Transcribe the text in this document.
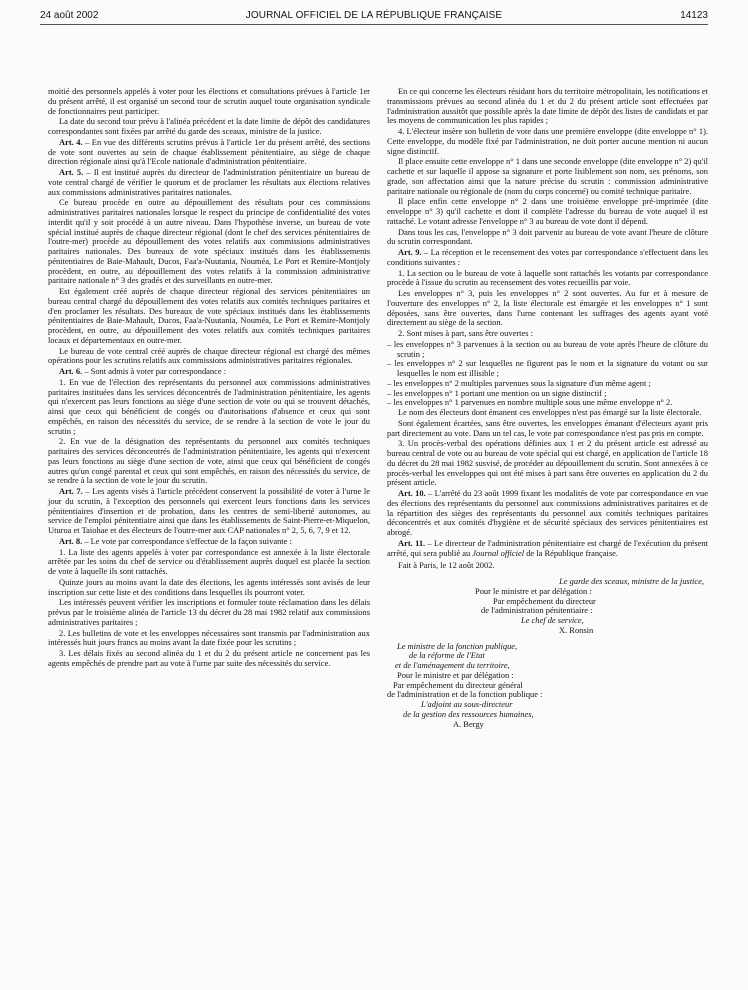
24 août 2002	JOURNAL OFFICIEL DE LA RÉPUBLIQUE FRANÇAISE	14123

moitié des personnels appelés à voter pour les élections et consultations prévues à l'article 1er du présent arrêté, il est organisé un second tour de scrutin auquel toute organisation syndicale de fonctionnaires peut participer.

La date du second tour prévu à l'alinéa précédent et la date limite de dépôt des candidatures correspondantes sont fixées par arrêté du garde des sceaux, ministre de la justice.

Art. 4. – En vue des différents scrutins prévus à l'article 1er du présent arrêté, des sections de vote sont ouvertes au sein de chaque établissement pénitentiaire, au siège de chaque direction régionale ainsi qu'à l'Ecole nationale d'administration pénitentiaire.

Art. 5. – Il est institué auprès du directeur de l'administration pénitentiaire un bureau de vote central chargé de vérifier le quorum et de proclamer les résultats aux élections relatives aux commissions administratives paritaires nationales.

Ce bureau procède en outre au dépouillement des résultats pour ces commissions administratives paritaires nationales lorsque le respect du principe de confidentialité des votes interdit qu'il y soit procédé à un autre niveau. Dans l'hypothèse inverse, un bureau de vote spécial institué auprès de chaque directeur régional (dont le chef des services pénitentiaires de l'outre-mer) procède au dépouillement des votes relatifs aux commissions administratives paritaires nationales. Des bureaux de vote spéciaux institués dans les établissements pénitentiaires de Baie-Mahault, Ducos, Faa'a-Nuutania, Nouméa, Le Port et Remire-Montjoly procèdent, en outre, au dépouillement des votes relatifs à la commission administrative paritaire nationale n° 3 des gradés et des surveillants en outre-mer.

Est également créé auprès de chaque directeur régional des services pénitentiaires un bureau central chargé du dépouillement des votes relatifs aux comités techniques paritaires et d'en proclamer les résultats. Des bureaux de vote spéciaux institués dans les établissements pénitentiaires de Baie-Mahault, Ducos, Faa'a-Nuutania, Nouméa, Le Port et Remire-Montjoly procèdent, en outre, au dépouillement des votes relatifs aux comités techniques paritaires locaux et départementaux en outre-mer.

Le bureau de vote central créé auprès de chaque directeur régional est chargé des mêmes opérations pour les scrutins relatifs aux commissions administratives paritaires régionales.

Art. 6. – Sont admis à voter par correspondance :

1. En vue de l'élection des représentants du personnel aux commissions administratives paritaires instituées dans les services déconcentrés de l'administration pénitentiaire, les agents qui n'exercent pas leurs fonctions au siège d'une section de vote ou qui se trouvent détachés, ainsi que ceux qui bénéficient de congés ou d'autorisations d'absence et ceux qui sont empêchés, en raison des nécessités du service, de se rendre à la section de vote le jour du scrutin ;

2. En vue de la désignation des représentants du personnel aux comités techniques paritaires des services déconcentrés de l'administration pénitentiaire, les agents qui n'exercent pas leurs fonctions au siège d'une section de vote, ainsi que ceux qui bénéficient de congés autres qu'un congé parental et ceux qui sont empêchés, en raison des nécessités du service, de se rendre à la section de vote le jour du scrutin.

Art. 7. – Les agents visés à l'article précédent conservent la possibilité de voter à l'urne le jour du scrutin, à l'exception des personnels qui exercent leurs fonctions dans les services pénitentiaires d'insertion et de probation, dans les centres de semi-liberté autonomes, au service de l'emploi pénitentiaire ainsi que dans les établissements de Saint-Pierre-et-Miquelon, Uturoa et Taiohae et des électeurs de l'outre-mer aux CAP nationales n° 2, 5, 6, 7, 9 et 12.

Art. 8. – Le vote par correspondance s'effectue de la façon suivante :

1. La liste des agents appelés à voter par correspondance est annexée à la liste électorale arrêtée par les soins du chef de service ou d'établissement auprès duquel est placée la section de vote à laquelle ils sont rattachés.

Quinze jours au moins avant la date des élections, les agents intéressés sont avisés de leur inscription sur cette liste et des conditions dans lesquelles ils pourront voter.

Les intéressés peuvent vérifier les inscriptions et formuler toute réclamation dans les délais prévus par le troisième alinéa de l'article 13 du décret du 28 mai 1982 relatif aux commissions administratives paritaires ;

2. Les bulletins de vote et les enveloppes nécessaires sont transmis par l'administration aux intéressés huit jours francs au moins avant la date fixée pour les scrutins ;

3. Les délais fixés au second alinéa du 1 et du 2 du présent article ne concernent pas les agents empêchés de prendre part au vote à l'urne par suite des nécessités du service.

En ce qui concerne les électeurs résidant hors du territoire métropolitain, les notifications et transmissions prévues au second alinéa du 1 et du 2 du présent article sont effectuées par l'administration aussitôt que possible après la date limite de dépôt des listes de candidats et par les moyens de communication les plus rapides ;

4. L'électeur insère son bulletin de vote dans une première enveloppe (dite enveloppe n° 1). Cette enveloppe, du modèle fixé par l'administration, ne doit porter aucune mention ni aucun signe distinctif.

Il place ensuite cette enveloppe n° 1 dans une seconde enveloppe (dite enveloppe n° 2) qu'il cachette et sur laquelle il appose sa signature et porte lisiblement son nom, ses prénoms, son grade, son affectation ainsi que la nature précise du scrutin : commission administrative paritaire nationale ou régionale de (nom du corps concerné) ou comité technique paritaire.

Il place enfin cette enveloppe n° 2 dans une troisième enveloppe pré-imprimée (dite enveloppe n° 3) qu'il cachette et dont il complète l'adresse du bureau de vote auquel il est rattaché. Le votant adresse l'enveloppe n° 3 au bureau de vote dont il dépend.

Dans tous les cas, l'enveloppe n° 3 doit parvenir au bureau de vote avant l'heure de clôture du scrutin correspondant.

Art. 9. – La réception et le recensement des votes par correspondance s'effectuent dans les conditions suivantes :

1. La section ou le bureau de vote à laquelle sont rattachés les votants par correspondance procède à l'issue du scrutin au recensement des votes recueillis par voie.

Les enveloppes n° 3, puis les enveloppes n° 2 sont ouvertes. Au fur et à mesure de l'ouverture des enveloppes n° 2, la liste électorale est émargée et les enveloppes n° 1 sont déposées, sans être ouvertes, dans l'urne contenant les suffrages des agents ayant voté directement au siège de la section.

2. Sont mises à part, sans être ouvertes :

– les enveloppes n° 3 parvenues à la section ou au bureau de vote après l'heure de clôture du scrutin ;
– les enveloppes n° 2 sur lesquelles ne figurent pas le nom et la signature du votant ou sur lesquelles le nom est illisible ;
– les enveloppes n° 2 multiples parvenues sous la signature d'un même agent ;
– les enveloppes n° 1 portant une mention ou un signe distinctif ;
– les enveloppes n° 1 parvenues en nombre multiple sous une même enveloppe n° 2.

Le nom des électeurs dont émanent ces enveloppes n'est pas émargé sur la liste électorale.

Sont également écartées, sans être ouvertes, les enveloppes émanant d'électeurs ayant pris part directement au vote. Dans un tel cas, le vote par correspondance n'est pas pris en compte.

3. Un procès-verbal des opérations définies aux 1 et 2 du présent article est adressé au bureau central de vote ou au bureau de vote spécial qui est chargé, en application de l'article 18 du décret du 28 mai 1982 susvisé, de procéder au dépouillement du scrutin. Sont annexées à ce procès-verbal les enveloppes qui ont été mises à part sans être ouvertes en application du 2 du présent article.

Art. 10. – L'arrêté du 23 août 1999 fixant les modalités de vote par correspondance en vue des élections des représentants du personnel aux commissions administratives paritaires et de la répartition des sièges des représentants du personnel aux comités techniques paritaires déconcentrés et aux comités d'hygiène et de sécurité spéciaux des services pénitentiaires est abrogé.

Art. 11. – Le directeur de l'administration pénitentiaire est chargé de l'exécution du présent arrêté, qui sera publié au Journal officiel de la République française.

Fait à Paris, le 12 août 2002.

Le garde des sceaux, ministre de la justice,

Pour le ministre et par délégation :

Par empêchement du directeur

de l'administration pénitentiaire :

Le chef de service,

X. Ronsin

Le ministre de la fonction publique,

de la réforme de l'Etat

et de l'aménagement du territoire,

Pour le ministre et par délégation :

Par empêchement du directeur général

de l'administration et de la fonction publique :

L'adjoint au sous-directeur

de la gestion des ressources humaines,

A. Bergy
